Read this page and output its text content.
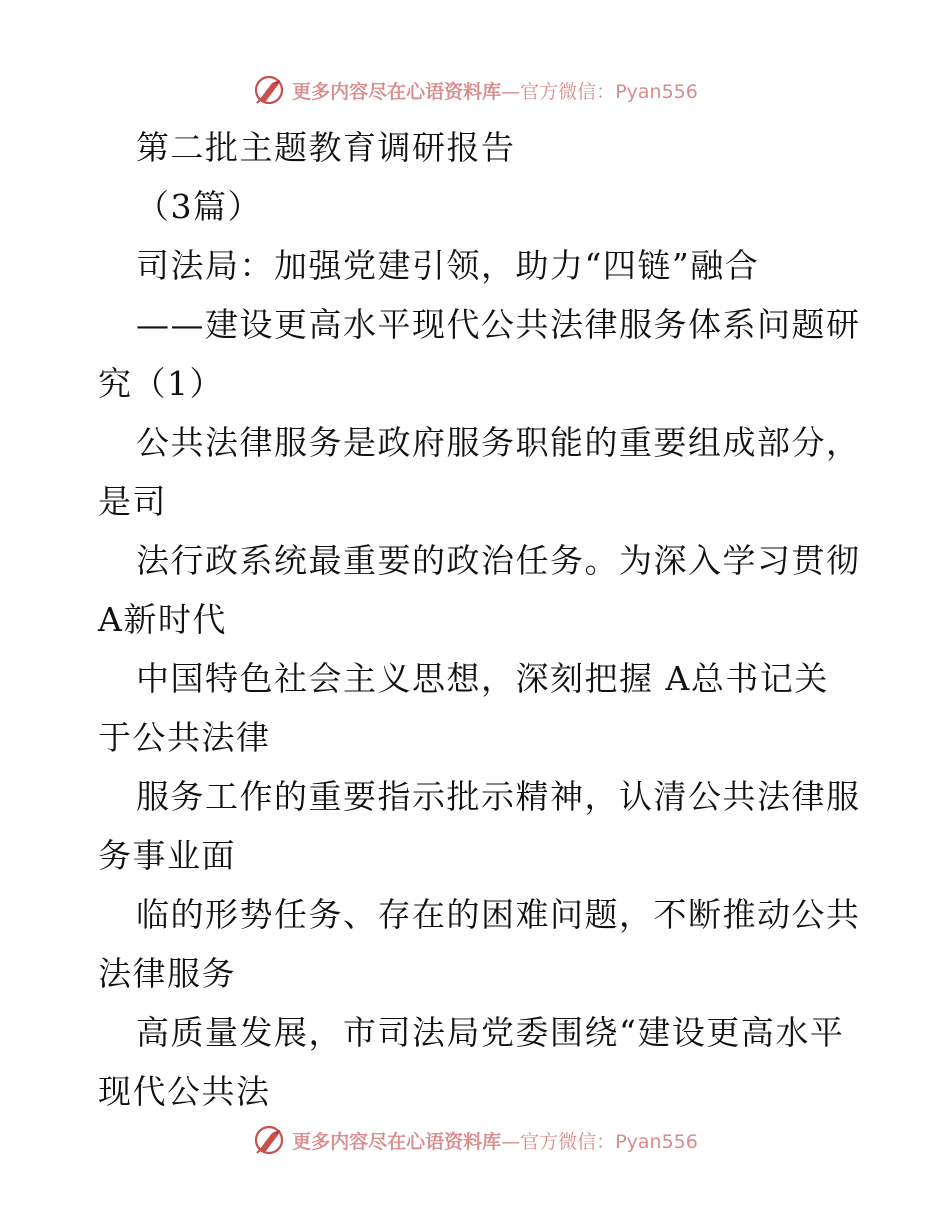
更多内容尽在心语资料库—官方微信：Pyan556
第二批主题教育调研报告
（3篇）
司法局：加强党建引领，助力“四链”融合
——建设更高水平现代公共法律服务体系问题研
究（1）
公共法律服务是政府服务职能的重要组成部分，
是司
法行政系统最重要的政治任务。为深入学习贯彻
A新时代
中国特色社会主义思想，深刻把握 A总书记关
于公共法律
服务工作的重要指示批示精神，认清公共法律服
务事业面
临的形势任务、存在的困难问题，不断推动公共
法律服务
高质量发展，市司法局党委围绕“建设更高水平
现代公共法
更多内容尽在心语资料库—官方微信：Pyan556
